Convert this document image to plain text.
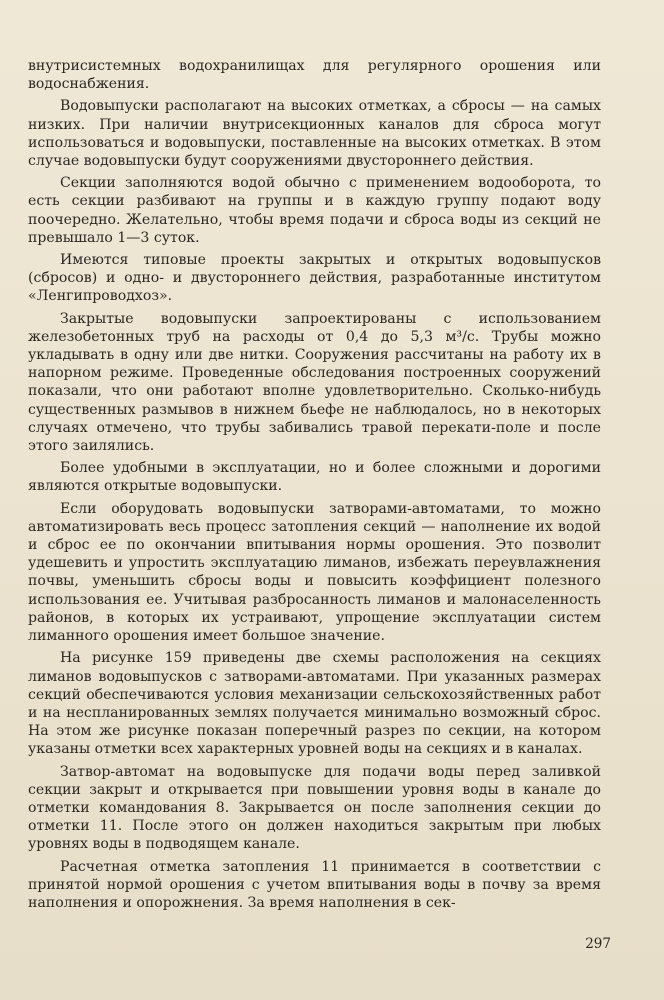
внутрисистемных водохранилищах для регулярного орошения или водоснабжения.

Водовыпуски располагают на высоких отметках, а сбросы — на самых низких. При наличии внутрисекционных каналов для сброса могут использоваться и водовыпуски, поставленные на высоких отметках. В этом случае водовыпуски будут сооружениями двустороннего действия.

Секции заполняются водой обычно с применением водооборота, то есть секции разбивают на группы и в каждую группу подают воду поочередно. Желательно, чтобы время подачи и сброса воды из секций не превышало 1—3 суток.

Имеются типовые проекты закрытых и открытых водовыпусков (сбросов) и одно- и двустороннего действия, разработанные институтом «Ленгипроводхоз».

Закрытые водовыпуски запроектированы с использованием железобетонных труб на расходы от 0,4 до 5,3 м³/с. Трубы можно укладывать в одну или две нитки. Сооружения рассчитаны на работу их в напорном режиме. Проведенные обследования построенных сооружений показали, что они работают вполне удовлетворительно. Сколько-нибудь существенных размывов в нижнем бьефе не наблюдалось, но в некоторых случаях отмечено, что трубы забивались травой перекати-поле и после этого заилялись.

Более удобными в эксплуатации, но и более сложными и дорогими являются открытые водовыпуски.

Если оборудовать водовыпуски затворами-автоматами, то можно автоматизировать весь процесс затопления секций — наполнение их водой и сброс ее по окончании впитывания нормы орошения. Это позволит удешевить и упростить эксплуатацию лиманов, избежать переувлажнения почвы, уменьшить сбросы воды и повысить коэффициент полезного использования ее. Учитывая разбросанность лиманов и малонаселенность районов, в которых их устраивают, упрощение эксплуатации систем лиманного орошения имеет большое значение.

На рисунке 159 приведены две схемы расположения на секциях лиманов водовыпусков с затворами-автоматами. При указанных размерах секций обеспечиваются условия механизации сельскохозяйственных работ и на неспланированных землях получается минимально возможный сброс. На этом же рисунке показан поперечный разрез по секции, на котором указаны отметки всех характерных уровней воды на секциях и в каналах.

Затвор-автомат на водовыпуске для подачи воды перед заливкой секции закрыт и открывается при повышении уровня воды в канале до отметки командования 8. Закрывается он после заполнения секции до отметки 11. После этого он должен находиться закрытым при любых уровнях воды в подводящем канале.

Расчетная отметка затопления 11 принимается в соответствии с принятой нормой орошения с учетом впитывания воды в почву за время наполнения и опорожнения. За время наполнения в сек-

297
